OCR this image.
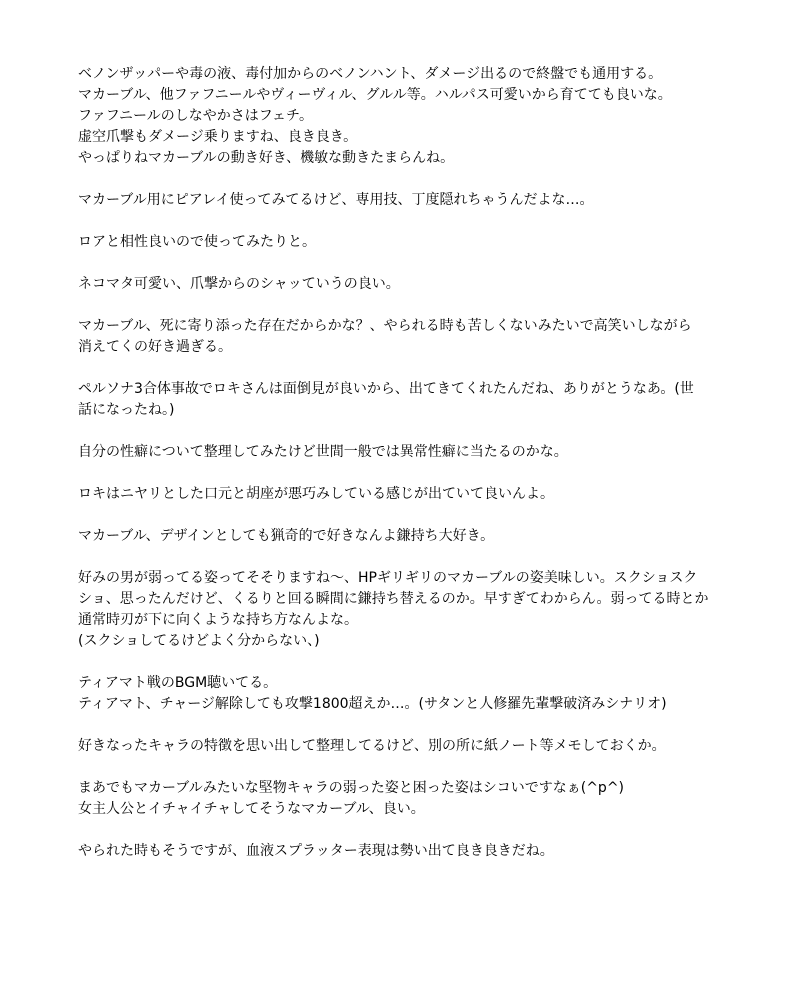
ベノンザッパーや毒の液、毒付加からのベノンハント、ダメージ出るので終盤でも通用する。
マカーブル、他ファフニールやヴィーヴィル、グルル等。ハルパス可愛いから育てても良いな。
ファフニールのしなやかさはフェチ。
虚空爪撃もダメージ乗りますね、良き良き。
やっぱりねマカーブルの動き好き、機敏な動きたまらんね。
マカーブル用にピアレイ使ってみてるけど、専用技、丁度隠れちゃうんだよな…。
ロアと相性良いので使ってみたりと。
ネコマタ可愛い、爪撃からのシャッていうの良い。
マカーブル、死に寄り添った存在だからかな？、やられる時も苦しくないみたいで高笑いしながら
消えてくの好き過ぎる。
ペルソナ3合体事故でロキさんは面倒見が良いから、出てきてくれたんだね、ありがとうなあ。(世
話になったね。)
自分の性癖について整理してみたけど世間一般では異常性癖に当たるのかな。
ロキはニヤリとした口元と胡座が悪巧みしている感じが出ていて良いんよ。
マカーブル、デザインとしても猟奇的で好きなんよ鎌持ち大好き。
好みの男が弱ってる姿ってそそりますね～、HPギリギリのマカーブルの姿美味しい。スクショスク
ショ、思ったんだけど、くるりと回る瞬間に鎌持ち替えるのか。早すぎてわからん。弱ってる時とか
通常時刃が下に向くような持ち方なんよな。
(スクショしてるけどよく分からない、)
ティアマト戦のBGM聴いてる。
ティアマト、チャージ解除しても攻撃1800超えか…。(サタンと人修羅先輩撃破済みシナリオ)
好きなったキャラの特徴を思い出して整理してるけど、別の所に紙ノート等メモしておくか。
まあでもマカーブルみたいな堅物キャラの弱った姿と困った姿はシコいですなぁ(^p^)
女主人公とイチャイチャしてそうなマカーブル、良い。
やられた時もそうですが、血液スプラッター表現は勢い出て良き良きだね。
